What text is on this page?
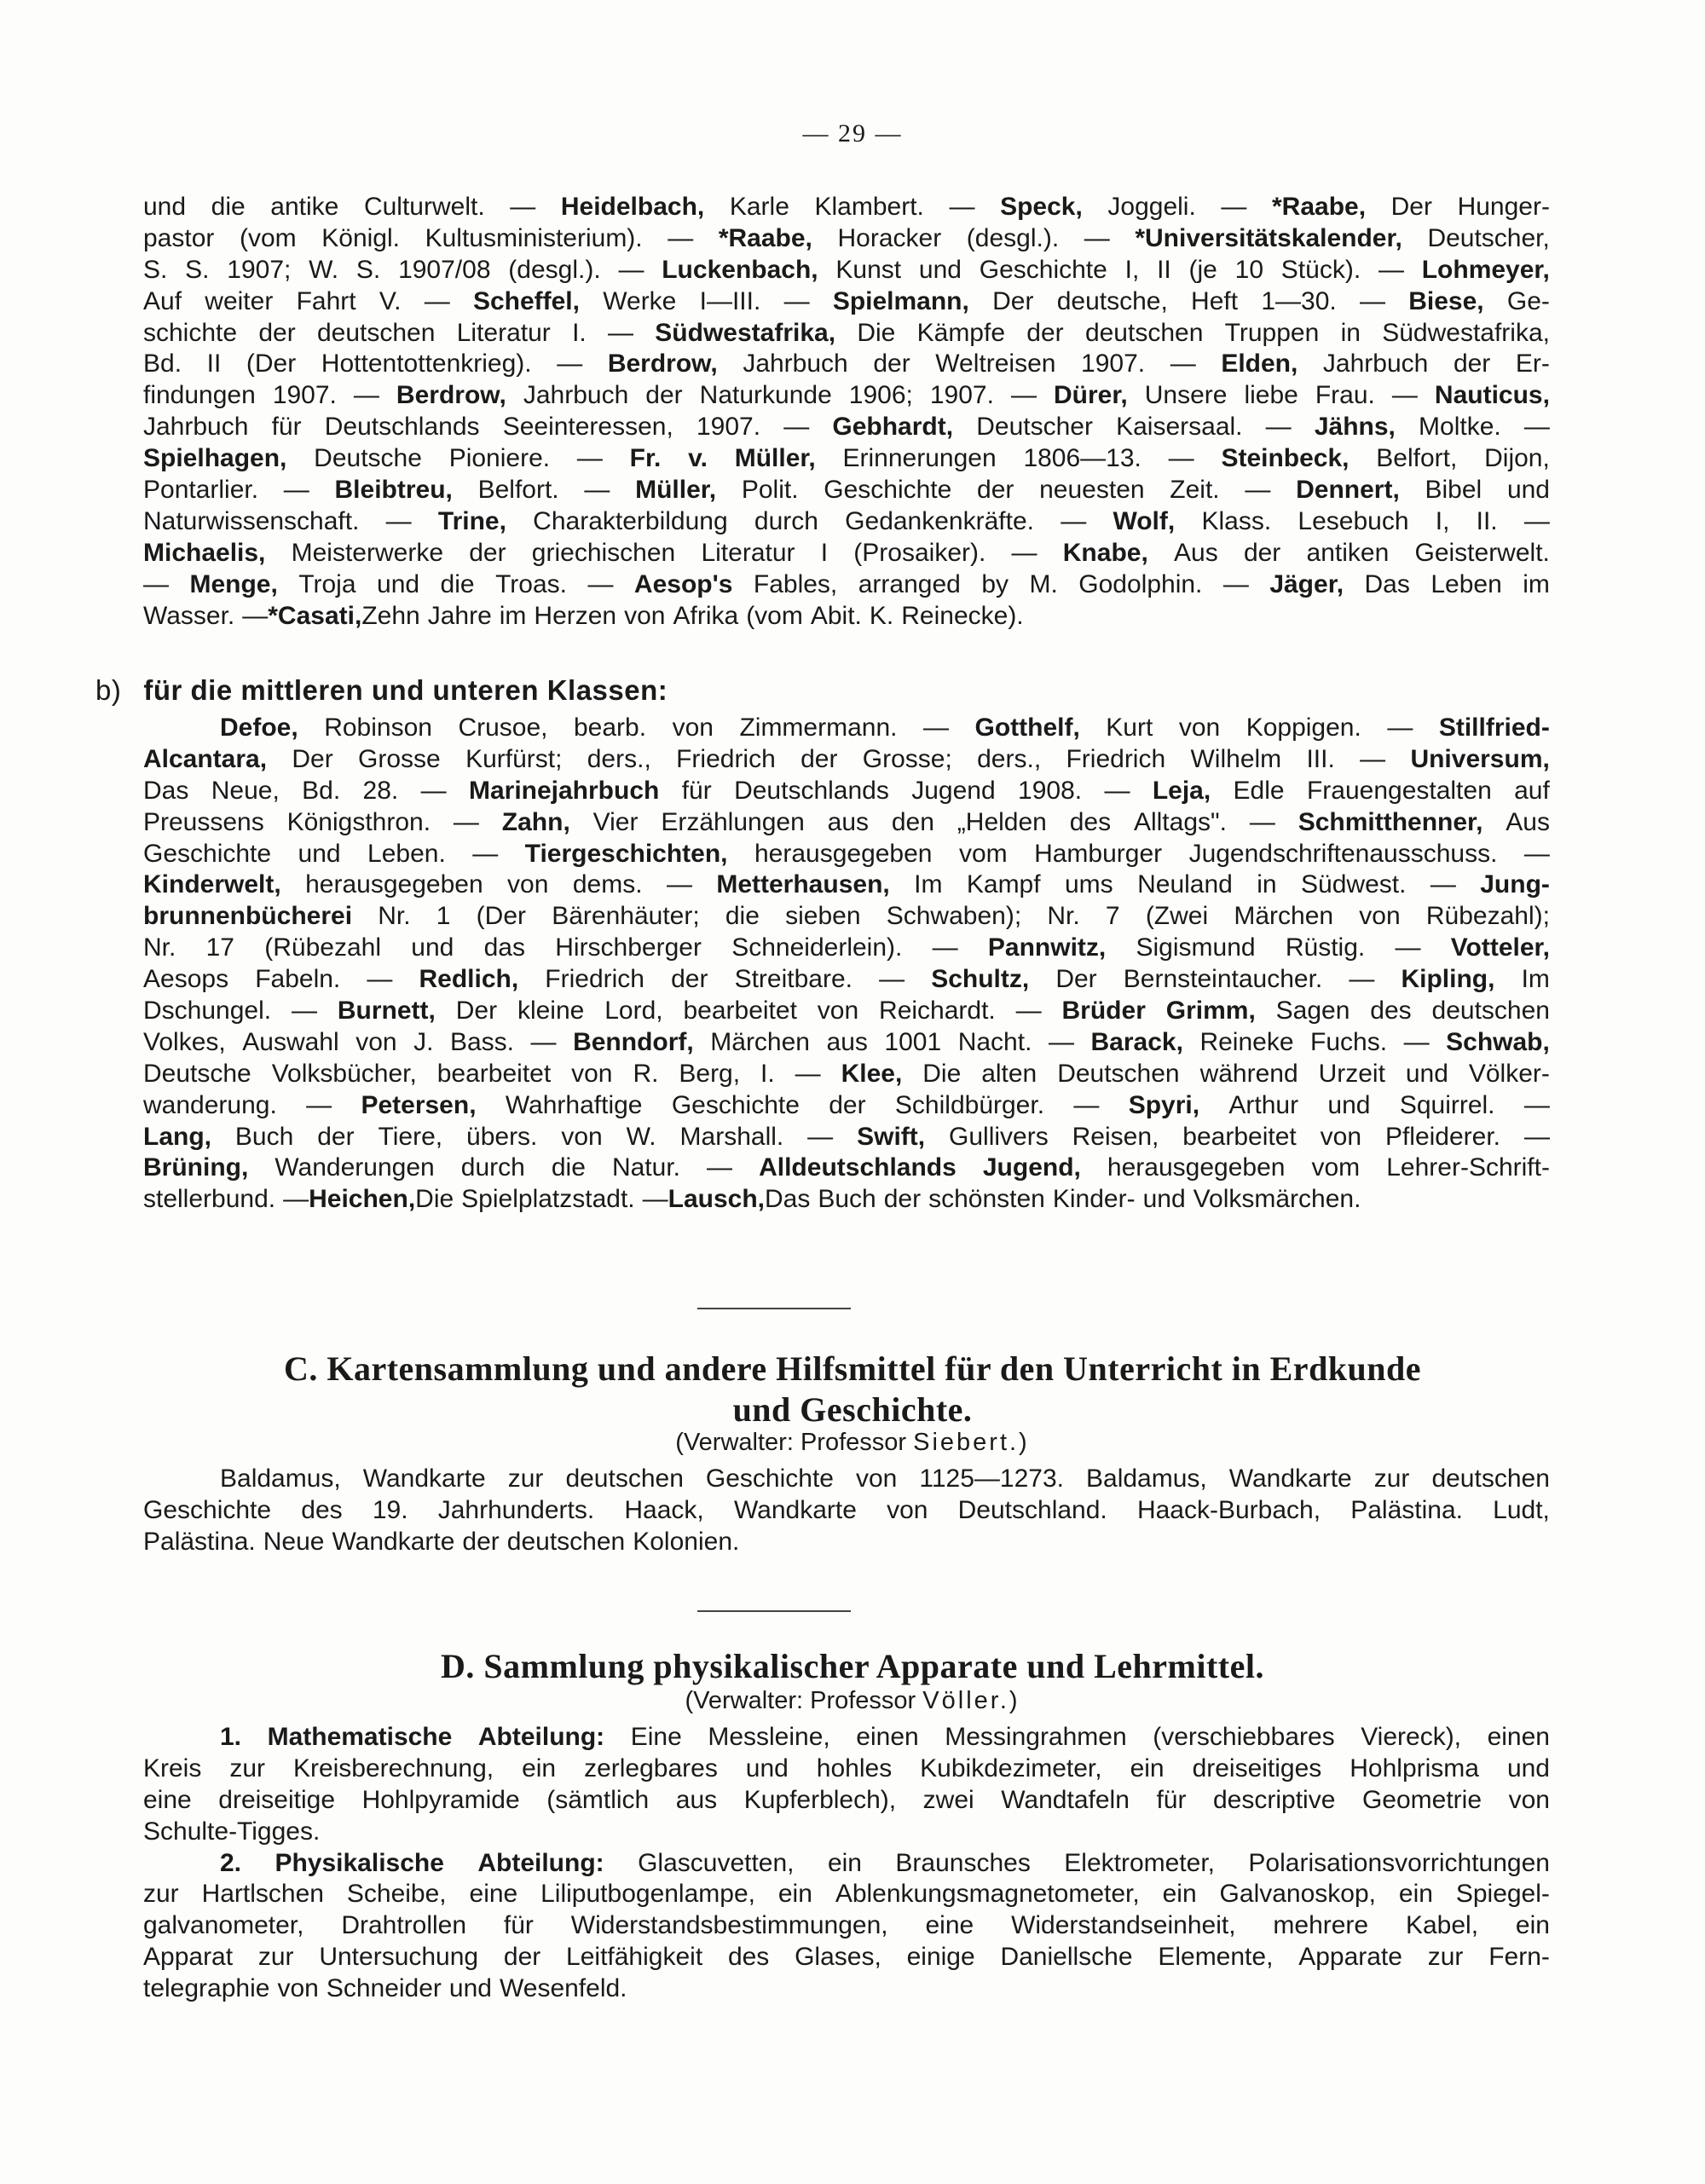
— 29 —
und die antike Culturwelt. — Heidelbach, Karle Klambert. — Speck, Joggeli. — *Raabe, Der Hunger-
pastor (vom Königl. Kultusministerium). — *Raabe, Horacker (desgl.). — *Universitätskalender, Deutscher,
S. S. 1907; W. S. 1907/08 (desgl.). — Luckenbach, Kunst und Geschichte I, II (je 10 Stück). — Lohmeyer,
Auf weiter Fahrt V. — Scheffel, Werke I—III. — Spielmann, Der deutsche, Heft 1—30. — Biese, Ge-
schichte der deutschen Literatur I. — Südwestafrika, Die Kämpfe der deutschen Truppen in Südwestafrika,
Bd. II (Der Hottentottenkrieg). — Berdrow, Jahrbuch der Weltreisen 1907. — Elden, Jahrbuch der Er-
findungen 1907. — Berdrow, Jahrbuch der Naturkunde 1906; 1907. — Dürer, Unsere liebe Frau. — Nauticus,
Jahrbuch für Deutschlands Seeinteressen, 1907. — Gebhardt, Deutscher Kaisersaal. — Jähns, Moltke. —
Spielhagen, Deutsche Pioniere. — Fr. v. Müller, Erinnerungen 1806—13. — Steinbeck, Belfort, Dijon,
Pontarlier. — Bleibtreu, Belfort. — Müller, Polit. Geschichte der neuesten Zeit. — Dennert, Bibel und
Naturwissenschaft. — Trine, Charakterbildung durch Gedankenkräfte. — Wolf, Klass. Lesebuch I, II. —
Michaelis, Meisterwerke der griechischen Literatur I (Prosaiker). — Knabe, Aus der antiken Geisterwelt.
— Menge, Troja und die Troas. — Aesop's Fables, arranged by M. Godolphin. — Jäger, Das Leben im
Wasser. — *Casati, Zehn Jahre im Herzen von Afrika (vom Abit. K. Reinecke).
b) für die mittleren und unteren Klassen:
Defoe, Robinson Crusoe, bearb. von Zimmermann. — Gotthelf, Kurt von Koppigen. — Stillfried-
Alcantara, Der Grosse Kurfürst; ders., Friedrich der Grosse; ders., Friedrich Wilhelm III. — Universum,
Das Neue, Bd. 28. — Marinejahrbuch für Deutschlands Jugend 1908. — Leja, Edle Frauengestalten auf
Preussens Königsthron. — Zahn, Vier Erzählungen aus den „Helden des Alltags". — Schmitthenner, Aus
Geschichte und Leben. — Tiergeschichten, herausgegeben vom Hamburger Jugendschriftenausschuss. —
Kinderwelt, herausgegeben von dems. — Metterhausen, Im Kampf ums Neuland in Südwest. — Jung-
brunnenbücherei Nr. 1 (Der Bärenhäuter; die sieben Schwaben); Nr. 7 (Zwei Märchen von Rübezahl);
Nr. 17 (Rübezahl und das Hirschberger Schneiderlein). — Pannwitz, Sigismund Rüstig. — Votteler,
Aesops Fabeln. — Redlich, Friedrich der Streitbare. — Schultz, Der Bernsteintaucher. — Kipling, Im
Dschungel. — Burnett, Der kleine Lord, bearbeitet von Reichardt. — Brüder Grimm, Sagen des deutschen
Volkes, Auswahl von J. Bass. — Benndorf, Märchen aus 1001 Nacht. — Barack, Reineke Fuchs. — Schwab,
Deutsche Volksbücher, bearbeitet von R. Berg, I. — Klee, Die alten Deutschen während Urzeit und Völker-
wanderung. — Petersen, Wahrhaftige Geschichte der Schildbürger. — Spyri, Arthur und Squirrel. —
Lang, Buch der Tiere, übers. von W. Marshall. — Swift, Gullivers Reisen, bearbeitet von Pfleiderer. —
Brüning, Wanderungen durch die Natur. — Alldeutschlands Jugend, herausgegeben vom Lehrer-Schrift-
stellerbund. — Heichen, Die Spielplatzstadt. — Lausch, Das Buch der schönsten Kinder- und Volksmärchen.
C. Kartensammlung und andere Hilfsmittel für den Unterricht in Erdkunde
und Geschichte.
(Verwalter: Professor Siebert.)
Baldamus, Wandkarte zur deutschen Geschichte von 1125—1273. Baldamus, Wandkarte zur deutschen
Geschichte des 19. Jahrhunderts. Haack, Wandkarte von Deutschland. Haack-Burbach, Palästina. Ludt,
Palästina. Neue Wandkarte der deutschen Kolonien.
D. Sammlung physikalischer Apparate und Lehrmittel.
(Verwalter: Professor Völler.)
1. Mathematische Abteilung: Eine Messleine, einen Messingrahmen (verschiebbares Viereck), einen
Kreis zur Kreisberechnung, ein zerlegbares und hohles Kubikdezimeter, ein dreiseitiges Hohlprisma und
eine dreiseitige Hohlpyramide (sämtlich aus Kupferblech), zwei Wandtafeln für descriptive Geometrie von
Schulte-Tigges.
2. Physikalische Abteilung: Glascuvetten, ein Braunsches Elektrometer, Polarisationsvorrichtungen
zur Hartlschen Scheibe, eine Liliputbogenlampe, ein Ablenkungsmagnetometer, ein Galvanoskop, ein Spiegel-
galvanometer, Drahtrollen für Widerstandsbestimmungen, eine Widerstandseinheit, mehrere Kabel, ein
Apparat zur Untersuchung der Leitfähigkeit des Glases, einige Daniellsche Elemente, Apparate zur Fern-
telegraphie von Schneider und Wesenfeld.
